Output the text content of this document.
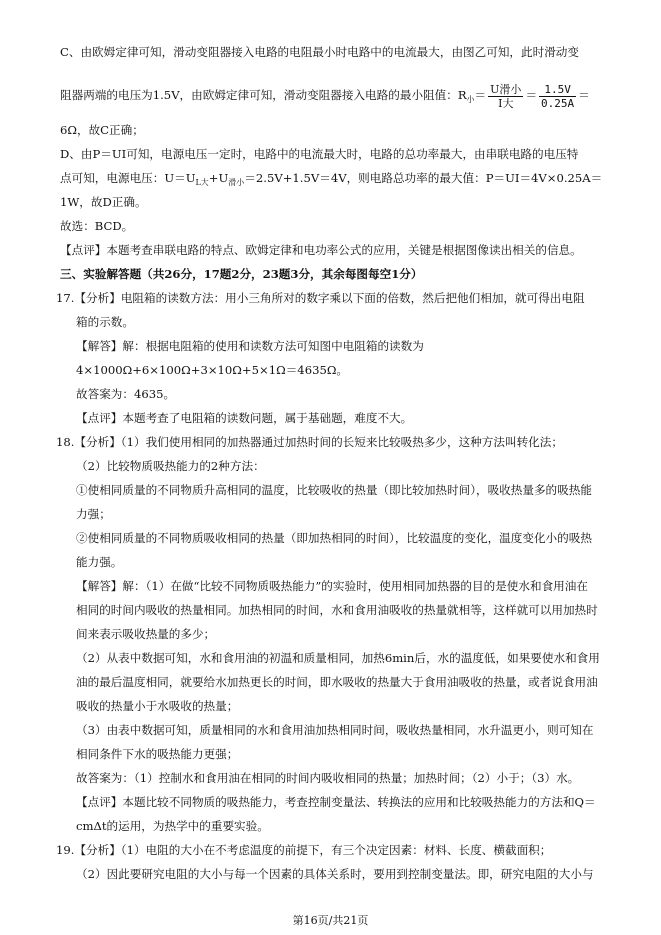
C、由欧姆定律可知，滑动变阻器接入电路的电阻最小时电路中的电流最大，由图乙可知，此时滑动变
阻器两端的电压为1.5V，由欧姆定律可知，滑动变阻器接入电路的最小阻值：$R_小= \frac{\text{U滑小}}{\text{I大}} = \frac{1.5V}{0.25A}$ ＝
6Ω，故C正确；
D、由P＝UI可知，电源电压一定时，电路中的电流最大时，电路的总功率最大，由串联电路的电压特
点可知，电源电压：$U=U_{L大}+U_{滑小}=2.5V+1.5V=4V$，则电路总功率的最大值：P＝UI＝4V×0.25A＝
1W，故D正确。
故选：BCD。
【点评】本题考查串联电路的特点、欧姆定律和电功率公式的应用，关键是根据图像读出相关的信息。
三、实验解答题（共26分，17题2分，23题3分，其余每图每空1分）
17.【分析】电阻箱的读数方法：用小三角所对的数字乘以下面的倍数，然后把他们相加，就可得出电阻
箱的示数。
【解答】解：根据电阻箱的使用和读数方法可知图中电阻箱的读数为
4×1000Ω+6×100Ω+3×10Ω+5×1Ω＝4635Ω。
故答案为：4635。
【点评】本题考查了电阻箱的读数问题，属于基础题，难度不大。
18.【分析】（1）我们使用相同的加热器通过加热时间的长短来比较吸热多少，这种方法叫转化法；
（2）比较物质吸热能力的2种方法：
①使相同质量的不同物质升高相同的温度，比较吸收的热量（即比较加热时间），吸收热量多的吸热能
力强；
②使相同质量的不同物质吸收相同的热量（即加热相同的时间），比较温度的变化，温度变化小的吸热
能力强。
【解答】解：（1）在做“比较不同物质吸热能力”的实验时，使用相同加热器的目的是使水和食用油在
相同的时间内吸收的热量相同。加热相同的时间，水和食用油吸收的热量就相等，这样就可以用加热时
间来表示吸收热量的多少；
（2）从表中数据可知，水和食用油的初温和质量相同，加热6min后，水的温度低，如果要使水和食用
油的最后温度相同，就要给水加热更长的时间，即水吸收的热量大于食用油吸收的热量，或者说食用油
吸收的热量小于水吸收的热量；
（3）由表中数据可知，质量相同的水和食用油加热相同时间，吸收热量相同，水升温更小，则可知在
相同条件下水的吸热能力更强；
故答案为：（1）控制水和食用油在相同的时间内吸收相同的热量；加热时间；（2）小于；（3）水。
【点评】本题比较不同物质的吸热能力，考查控制变量法、转换法的应用和比较吸热能力的方法和Q＝
cmΔt的运用，为热学中的重要实验。
19.【分析】（1）电阻的大小在不考虑温度的前提下，有三个决定因素：材料、长度、横截面积；
（2）因此要研究电阻的大小与每一个因素的具体关系时，要用到控制变量法。即，研究电阻的大小与
第16页/共21页
